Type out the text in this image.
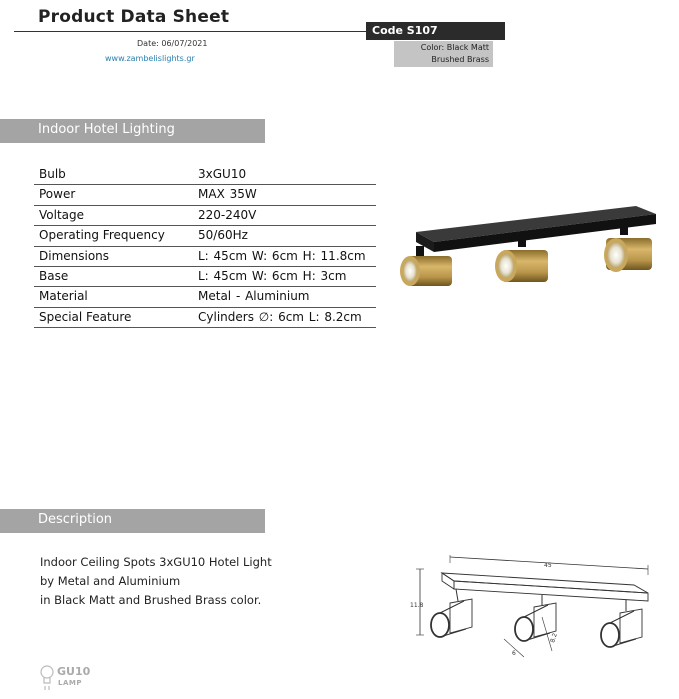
Product Data Sheet
Date: 06/07/2021
www.zambelislights.gr
Code S107
Color: Black Matt
Brushed Brass
Indoor Hotel Lighting
Bulb	3xGU10
Power	MAX 35W
Voltage	220-240V
Operating Frequency	50/60Hz
Dimensions	L: 45cm W: 6cm H: 11.8cm
Base	L: 45cm W: 6cm H: 3cm
Material	Metal - Aluminium
Special Feature	Cylinders ∅: 6cm L: 8.2cm
Description
Indoor Ceiling Spots 3xGU10 Hotel Light
by Metal and Aluminium
in Black Matt and Brushed Brass color.
45
11.8
8.2
6
GU10
LAMP
